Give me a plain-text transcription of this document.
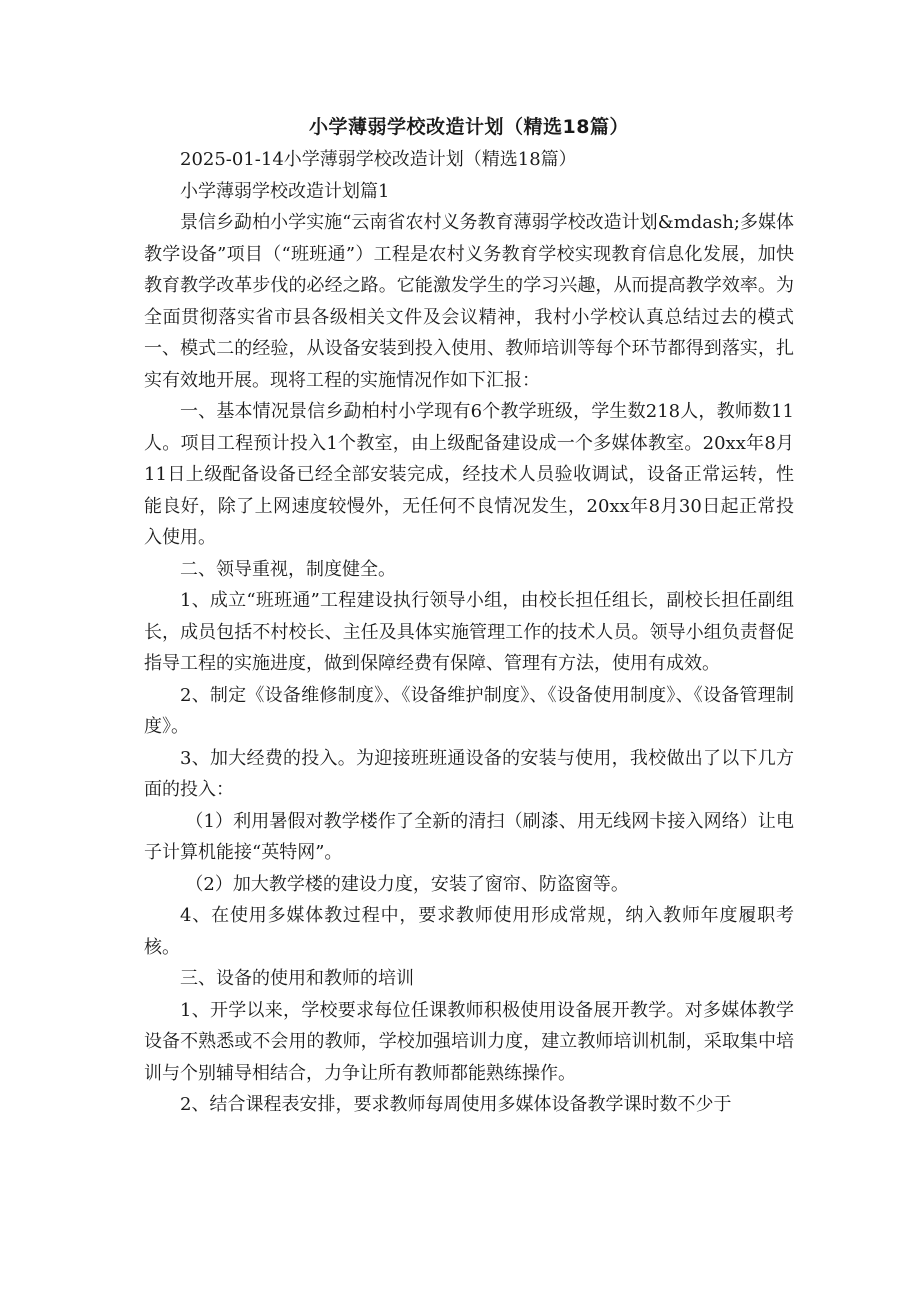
小学薄弱学校改造计划（精选18篇）

2025-01-14小学薄弱学校改造计划（精选18篇）

小学薄弱学校改造计划篇1

景信乡勐柏小学实施“云南省农村义务教育薄弱学校改造计划&mdash;多媒体教学设备”项目（“班班通”）工程是农村义务教育学校实现教育信息化发展，加快教育教学改革步伐的必经之路。它能激发学生的学习兴趣，从而提高教学效率。为全面贯彻落实省市县各级相关文件及会议精神，我村小学校认真总结过去的模式一、模式二的经验，从设备安装到投入使用、教师培训等每个环节都得到落实，扎实有效地开展。现将工程的实施情况作如下汇报：

一、基本情况景信乡勐柏村小学现有6个教学班级，学生数218人，教师数11人。项目工程预计投入1个教室，由上级配备建设成一个多媒体教室。20xx年8月11日上级配备设备已经全部安装完成，经技术人员验收调试，设备正常运转，性能良好，除了上网速度较慢外，无任何不良情况发生，20xx年8月30日起正常投入使用。

二、领导重视，制度健全。

1、成立“班班通”工程建设执行领导小组，由校长担任组长，副校长担任副组长，成员包括不村校长、主任及具体实施管理工作的技术人员。领导小组负责督促指导工程的实施进度，做到保障经费有保障、管理有方法，使用有成效。

2、制定《设备维修制度》、《设备维护制度》、《设备使用制度》、《设备管理制度》。

3、加大经费的投入。为迎接班班通设备的安装与使用，我校做出了以下几方面的投入：

（1）利用暑假对教学楼作了全新的清扫（刷漆、用无线网卡接入网络）让电子计算机能接“英特网”。

（2）加大教学楼的建设力度，安装了窗帘、防盗窗等。

4、在使用多媒体教过程中，要求教师使用形成常规，纳入教师年度履职考核。

三、设备的使用和教师的培训

1、开学以来，学校要求每位任课教师积极使用设备展开教学。对多媒体教学设备不熟悉或不会用的教师，学校加强培训力度，建立教师培训机制，采取集中培训与个别辅导相结合，力争让所有教师都能熟练操作。

2、结合课程表安排，要求教师每周使用多媒体设备教学课时数不少于
